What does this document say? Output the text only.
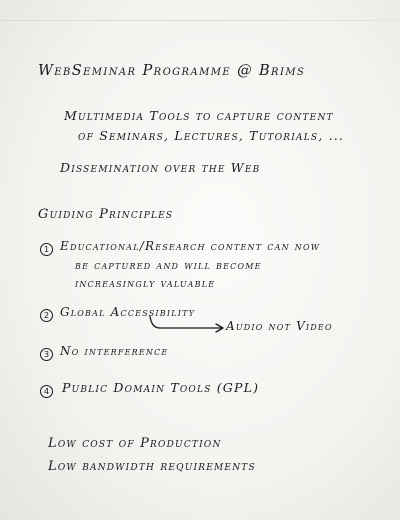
WebSeminar Programme @ Brims
Multimedia Tools to capture content
of Seminars, Lectures, Tutorials, ...
Dissemination over the Web
Guiding Principles
1 Educational/Research content can now
be captured and will become
increasingly valuable
2 Global Accessibility
Audio not Video
3 No interference
4	Public Domain Tools (GPL)
Low cost of Production
Low bandwidth requirements
